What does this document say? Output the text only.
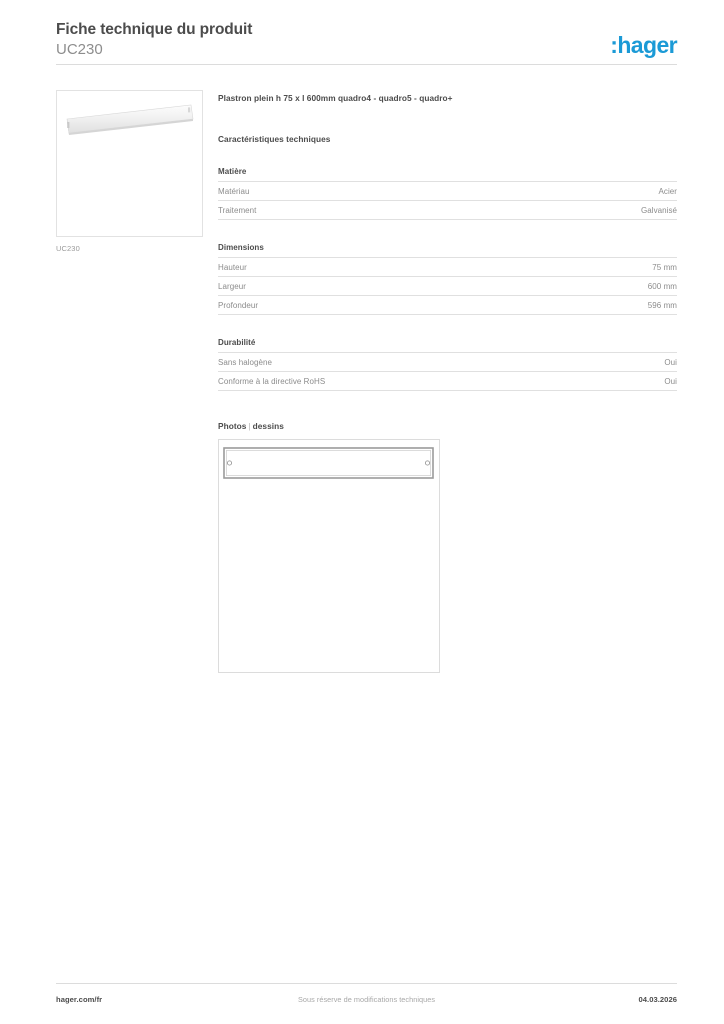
Fiche technique du produit
UC230	:hager
UC230
Plastron plein h 75 x l 600mm quadro4 - quadro5 - quadro+
Caractéristiques techniques
Matière
Matériau	Acier
Traitement	Galvanisé
Dimensions
Hauteur	75 mm
Largeur	600 mm
Profondeur	596 mm
Durabilité
Sans halogène	Oui
Conforme à la directive RoHS	Oui
Photos | dessins
hager.com/fr	Sous réserve de modifications techniques	04.03.2026
